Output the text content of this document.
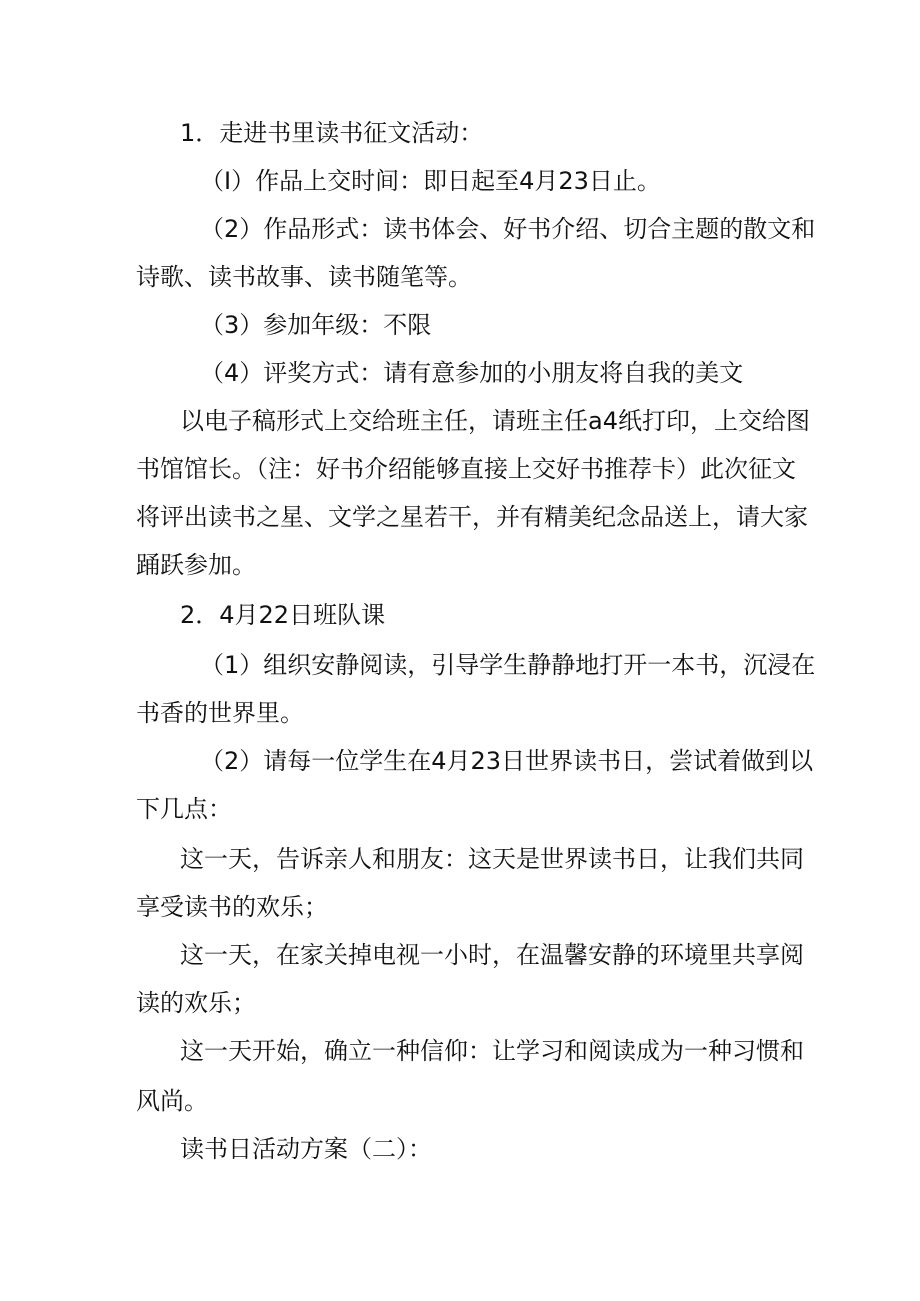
1．走进书里读书征文活动：
（I）作品上交时间：即日起至4月23日止。
（2）作品形式：读书体会、好书介绍、切合主题的散文和
诗歌、读书故事、读书随笔等。
（3）参加年级：不限
（4）评奖方式：请有意参加的小朋友将自我的美文
以电子稿形式上交给班主任，请班主任a4纸打印，上交给图
书馆馆长。（注：好书介绍能够直接上交好书推荐卡）此次征文
将评出读书之星、文学之星若干，并有精美纪念品送上，请大家
踊跃参加。
2．4月22日班队课
（1）组织安静阅读，引导学生静静地打开一本书，沉浸在
书香的世界里。
（2）请每一位学生在4月23日世界读书日，尝试着做到以
下几点：
这一天，告诉亲人和朋友：这天是世界读书日，让我们共同
享受读书的欢乐；
这一天，在家关掉电视一小时，在温馨安静的环境里共享阅
读的欢乐；
这一天开始，确立一种信仰：让学习和阅读成为一种习惯和
风尚。
读书日活动方案（二）：
